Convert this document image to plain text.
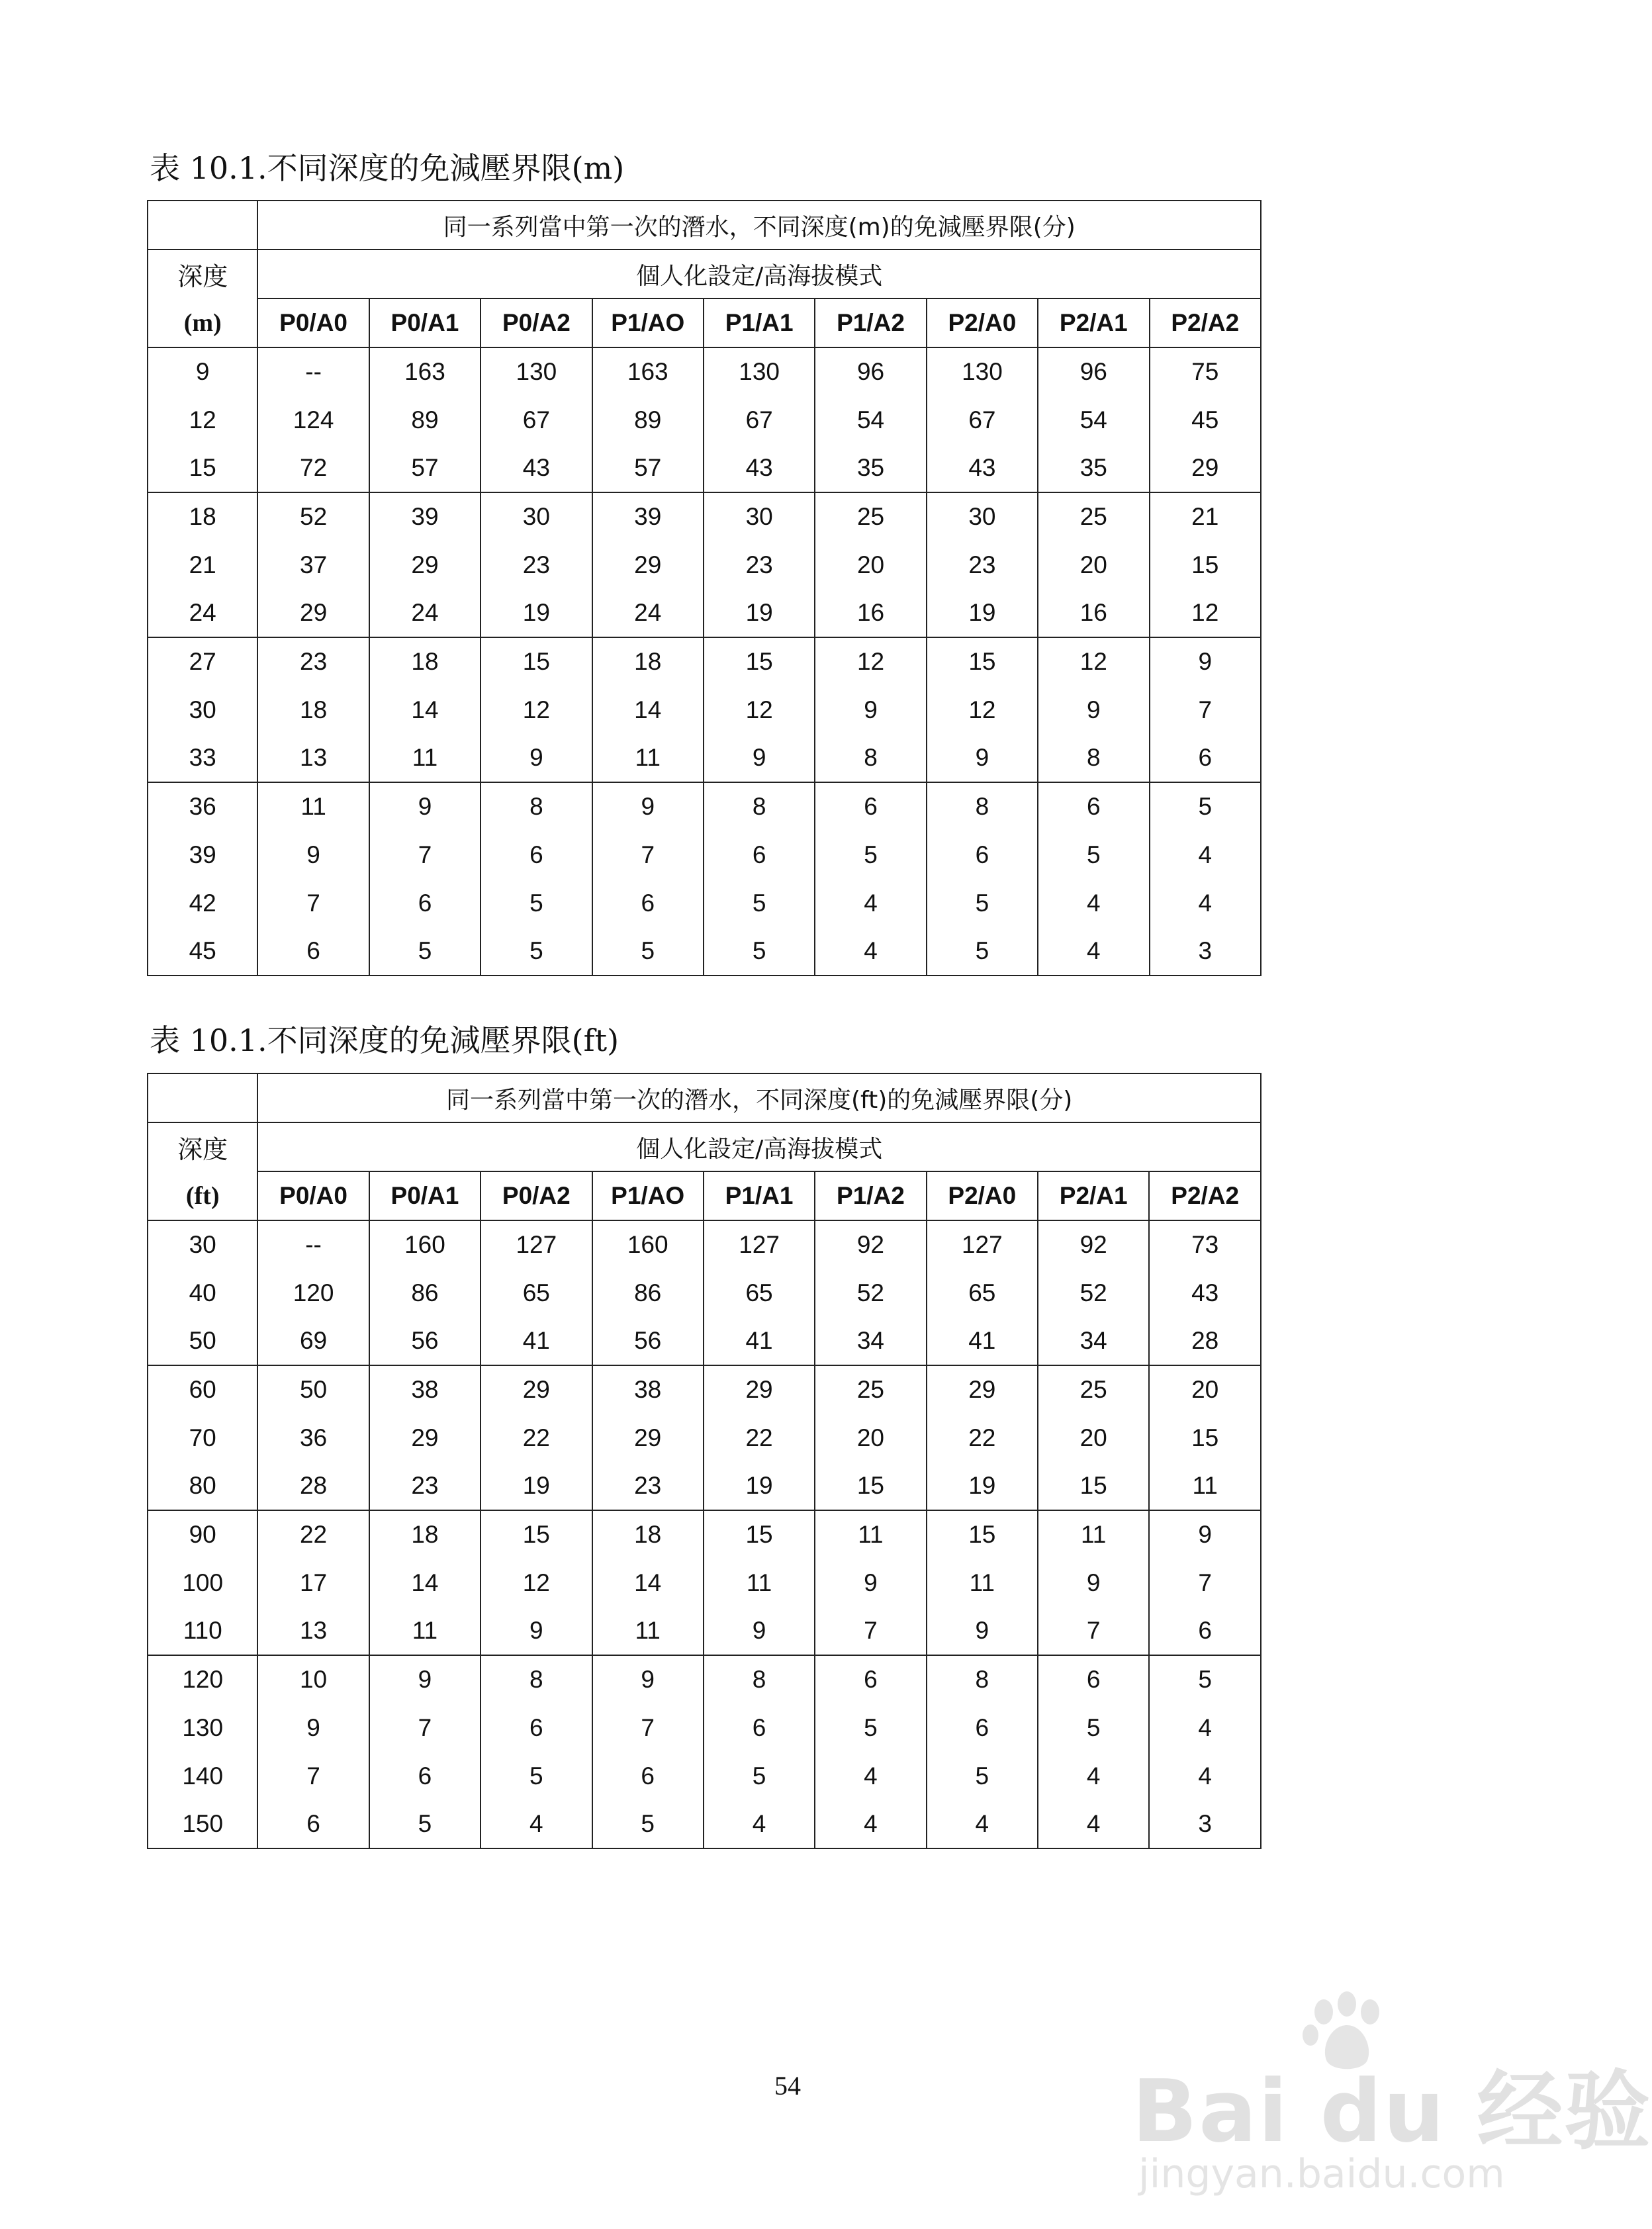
表 10.1.不同深度的免減壓界限(m)
	同一系列當中第一次的潛水，不同深度(m)的免減壓界限(分)								
深度	個人化設定/高海拔模式								
(m)	P0/A0	P0/A1	P0/A2	P1/AO	P1/A1	P1/A2	P2/A0	P2/A1	P2/A2
9	--	163	130	163	130	96	130	96	75
12	124	89	67	89	67	54	67	54	45
15	72	57	43	57	43	35	43	35	29
18	52	39	30	39	30	25	30	25	21
21	37	29	23	29	23	20	23	20	15
24	29	24	19	24	19	16	19	16	12
27	23	18	15	18	15	12	15	12	9
30	18	14	12	14	12	9	12	9	7
33	13	11	9	11	9	8	9	8	6
36	11	9	8	9	8	6	8	6	5
39	9	7	6	7	6	5	6	5	4
42	7	6	5	6	5	4	5	4	4
45	6	5	5	5	5	4	5	4	3
表 10.1.不同深度的免減壓界限(ft)
	同一系列當中第一次的潛水，不同深度(ft)的免減壓界限(分)								
深度	個人化設定/高海拔模式								
(ft)	P0/A0	P0/A1	P0/A2	P1/AO	P1/A1	P1/A2	P2/A0	P2/A1	P2/A2
30	--	160	127	160	127	92	127	92	73
40	120	86	65	86	65	52	65	52	43
50	69	56	41	56	41	34	41	34	28
60	50	38	29	38	29	25	29	25	20
70	36	29	22	29	22	20	22	20	15
80	28	23	19	23	19	15	19	15	11
90	22	18	15	18	15	11	15	11	9
100	17	14	12	14	11	9	11	9	7
110	13	11	9	11	9	7	9	7	6
120	10	9	8	9	8	6	8	6	5
130	9	7	6	7	6	5	6	5	4
140	7	6	5	6	5	4	5	4	4
150	6	5	4	5	4	4	4	4	3
54	Bai du 经验
jingyan.baidu.com
